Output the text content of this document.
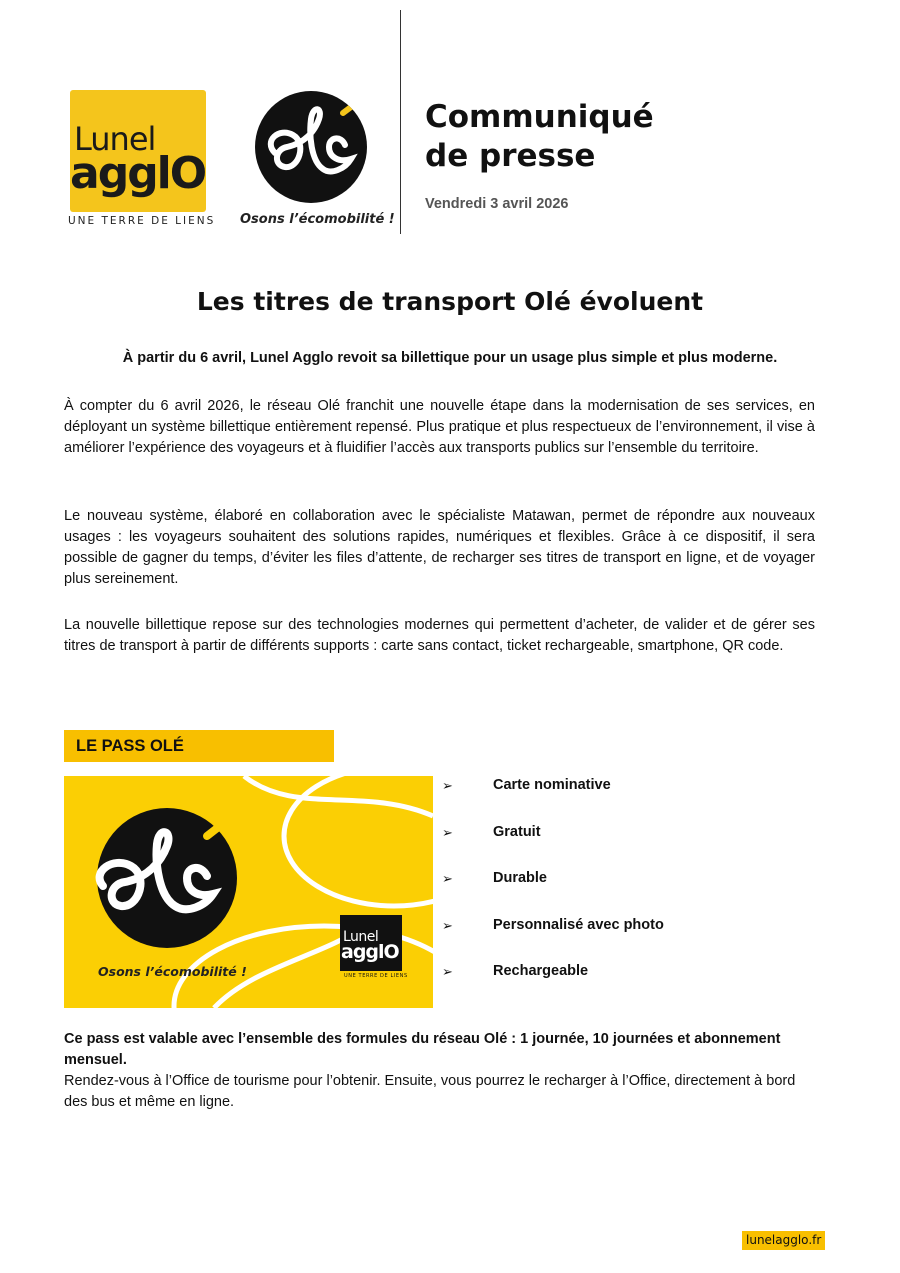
Lunel
agglO
UNE TERRE DE LIENS Osons l’écomobilité !
Communiqué
de presse
Vendredi 3 avril 2026
Les titres de transport Olé évoluent
À partir du 6 avril, Lunel Agglo revoit sa billettique pour un usage plus simple et plus moderne.
À compter du 6 avril 2026, le réseau Olé franchit une nouvelle étape dans la modernisation de ses services, en déployant un système billettique entièrement repensé. Plus pratique et plus respectueux de l’environnement, il vise à améliorer l’expérience des voyageurs et à fluidifier l’accès aux transports publics sur l’ensemble du territoire.
Le nouveau système, élaboré en collaboration avec le spécialiste Matawan, permet de répondre aux nouveaux usages : les voyageurs souhaitent des solutions rapides, numériques et flexibles. Grâce à ce dispositif, il sera possible de gagner du temps, d’éviter les files d’attente, de recharger ses titres de transport en ligne, et de voyager plus sereinement.
La nouvelle billettique repose sur des technologies modernes qui permettent d’acheter, de valider et de gérer ses titres de transport à partir de différents supports : carte sans contact, ticket rechargeable, smartphone, QR code.
LE PASS OLÉ
Osons l’écomobilité !
Lunel
agglO
UNE TERRE DE LIENS
➢	Carte nominative
➢	Gratuit
➢	Durable
➢	Personnalisé avec photo
➢	Rechargeable
Ce pass est valable avec l’ensemble des formules du réseau Olé : 1 journée, 10 journées et abonnement mensuel.
Rendez-vous à l’Office de tourisme pour l’obtenir. Ensuite, vous pourrez le recharger à l’Office, directement à bord des bus et même en ligne.
lunelagglo.fr
